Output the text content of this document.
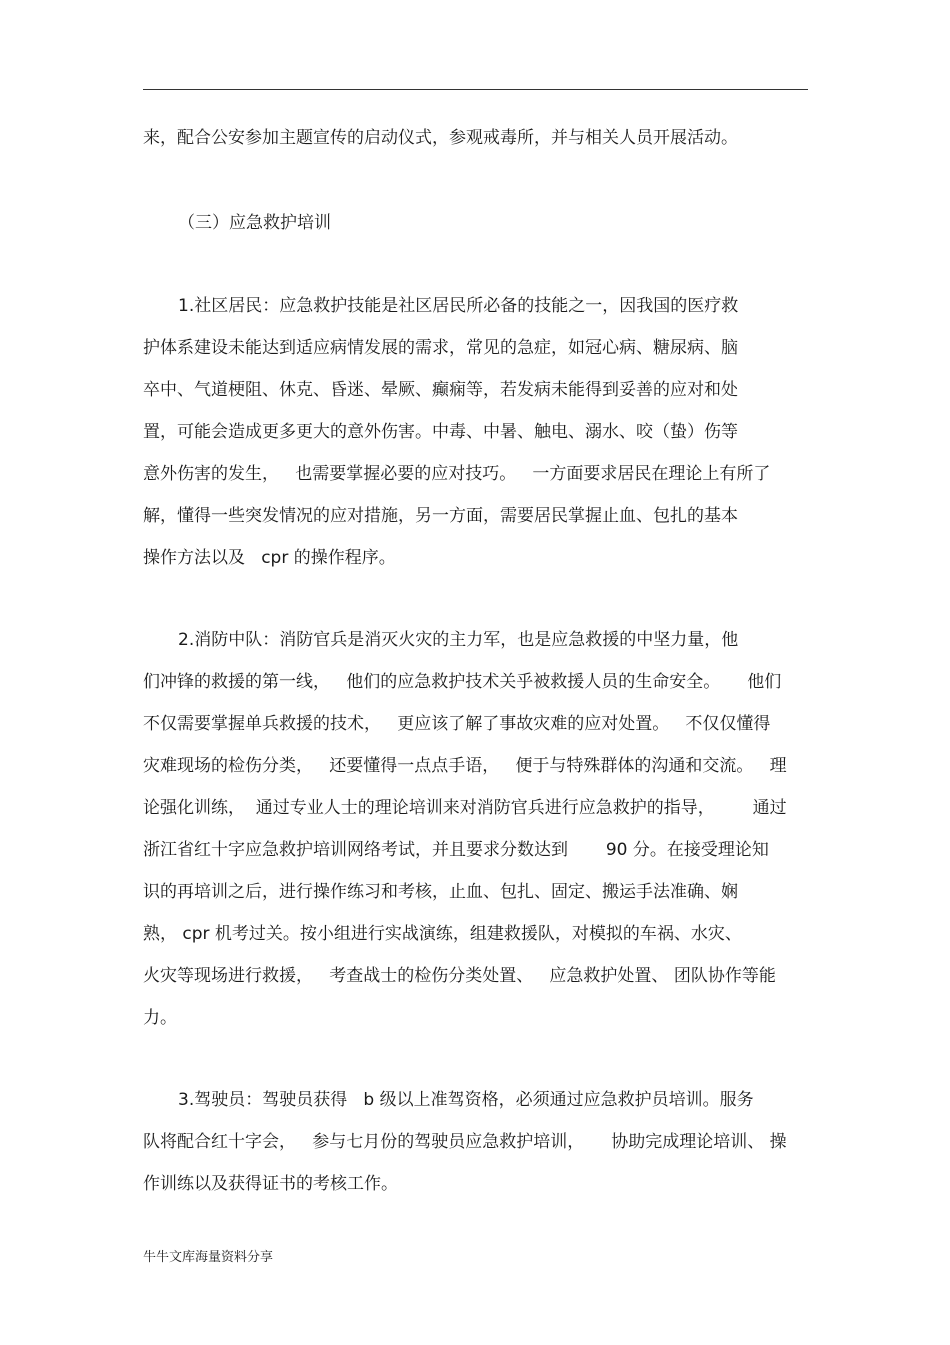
来，配合公安参加主题宣传的启动仪式，参观戒毒所，并与相关人员开展活动。

（三）应急救护培训

1.社区居民：应急救护技能是社区居民所必备的技能之一，因我国的医疗救

护体系建设未能达到适应病情发展的需求，常见的急症，如冠心病、糖尿病、脑

卒中、气道梗阻、休克、昏迷、晕厥、癫痫等，若发病未能得到妥善的应对和处

置，可能会造成更多更大的意外伤害。中毒、中暑、触电、溺水、咬（蛰）伤等

意外伤害的发生，   也需要掌握必要的应对技巧。   一方面要求居民在理论上有所了

解，懂得一些突发情况的应对措施，另一方面，需要居民掌握止血、包扎的基本

操作方法以及   cpr 的操作程序。

2.消防中队：消防官兵是消灭火灾的主力军，也是应急救援的中坚力量，他

们冲锋的救援的第一线，   他们的应急救护技术关乎被救援人员的生命安全。     他们

不仅需要掌握单兵救援的技术，   更应该了解了事故灾难的应对处置。   不仅仅懂得

灾难现场的检伤分类，   还要懂得一点点手语，   便于与特殊群体的沟通和交流。   理

论强化训练，  通过专业人士的理论培训来对消防官兵进行应急救护的指导，       通过

浙江省红十字应急救护培训网络考试，并且要求分数达到       90 分。在接受理论知

识的再培训之后，进行操作练习和考核，止血、包扎、固定、搬运手法准确、娴

熟， cpr 机考过关。按小组进行实战演练，组建救援队，对模拟的车祸、水灾、

火灾等现场进行救援，   考查战士的检伤分类处置、   应急救护处置、 团队协作等能

力。

3.驾驶员：驾驶员获得   b 级以上准驾资格，必须通过应急救护员培训。服务

队将配合红十字会，   参与七月份的驾驶员应急救护培训，     协助完成理论培训、 操

作训练以及获得证书的考核工作。

牛牛文库海量资料分享
